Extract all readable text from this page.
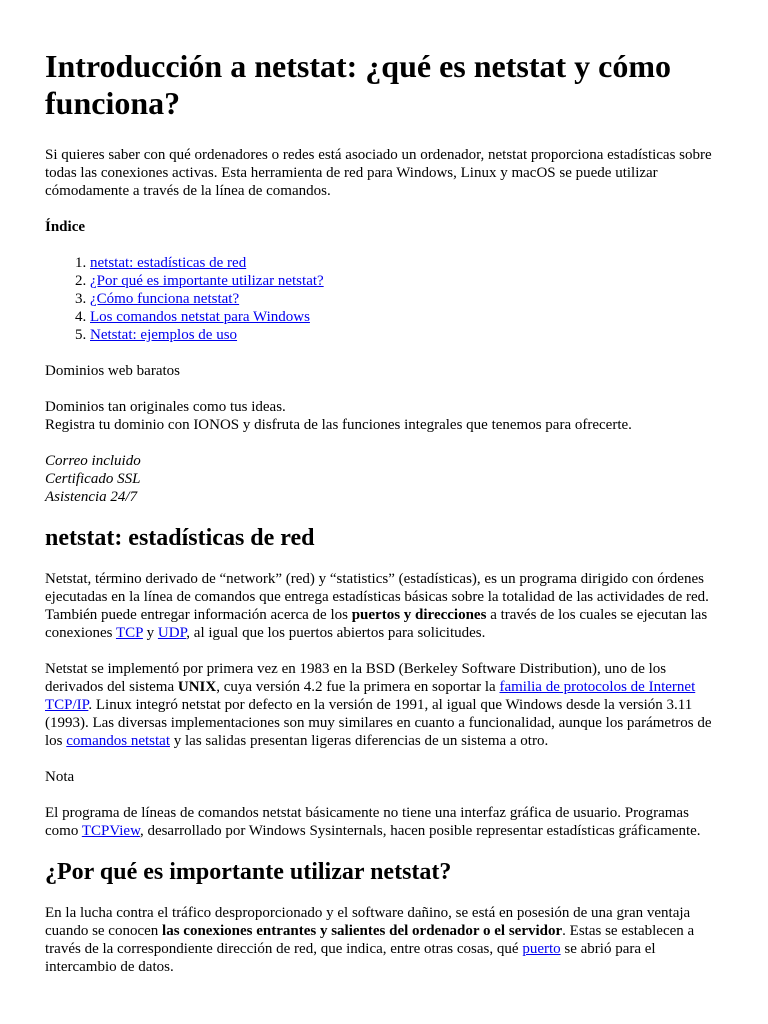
Introducción a netstat: ¿qué es netstat y cómo funciona?

Si quieres saber con qué ordenadores o redes está asociado un ordenador, netstat proporciona estadísticas sobre todas las conexiones activas. Esta herramienta de red para Windows, Linux y macOS se puede utilizar cómodamente a través de la línea de comandos.

Índice
1. netstat: estadísticas de red
2. ¿Por qué es importante utilizar netstat?
3. ¿Cómo funciona netstat?
4. Los comandos netstat para Windows
5. Netstat: ejemplos de uso

Dominios web baratos

Dominios tan originales como tus ideas.
Registra tu dominio con IONOS y disfruta de las funciones integrales que tenemos para ofrecerte.

Correo incluido
Certificado SSL
Asistencia 24/7

netstat: estadísticas de red

Netstat, término derivado de “network” (red) y “statistics” (estadísticas), es un programa dirigido con órdenes ejecutadas en la línea de comandos que entrega estadísticas básicas sobre la totalidad de las actividades de red. También puede entregar información acerca de los puertos y direcciones a través de los cuales se ejecutan las conexiones TCP y UDP, al igual que los puertos abiertos para solicitudes.

Netstat se implementó por primera vez en 1983 en la BSD (Berkeley Software Distribution), uno de los derivados del sistema UNIX, cuya versión 4.2 fue la primera en soportar la familia de protocolos de Internet TCP/IP. Linux integró netstat por defecto en la versión de 1991, al igual que Windows desde la versión 3.11 (1993). Las diversas implementaciones son muy similares en cuanto a funcionalidad, aunque los parámetros de los comandos netstat y las salidas presentan ligeras diferencias de un sistema a otro.

Nota

El programa de líneas de comandos netstat básicamente no tiene una interfaz gráfica de usuario. Programas como TCPView, desarrollado por Windows Sysinternals, hacen posible representar estadísticas gráficamente.

¿Por qué es importante utilizar netstat?

En la lucha contra el tráfico desproporcionado y el software dañino, se está en posesión de una gran ventaja cuando se conocen las conexiones entrantes y salientes del ordenador o el servidor. Estas se establecen a través de la correspondiente dirección de red, que indica, entre otras cosas, qué puerto se abrió para el intercambio de datos.
